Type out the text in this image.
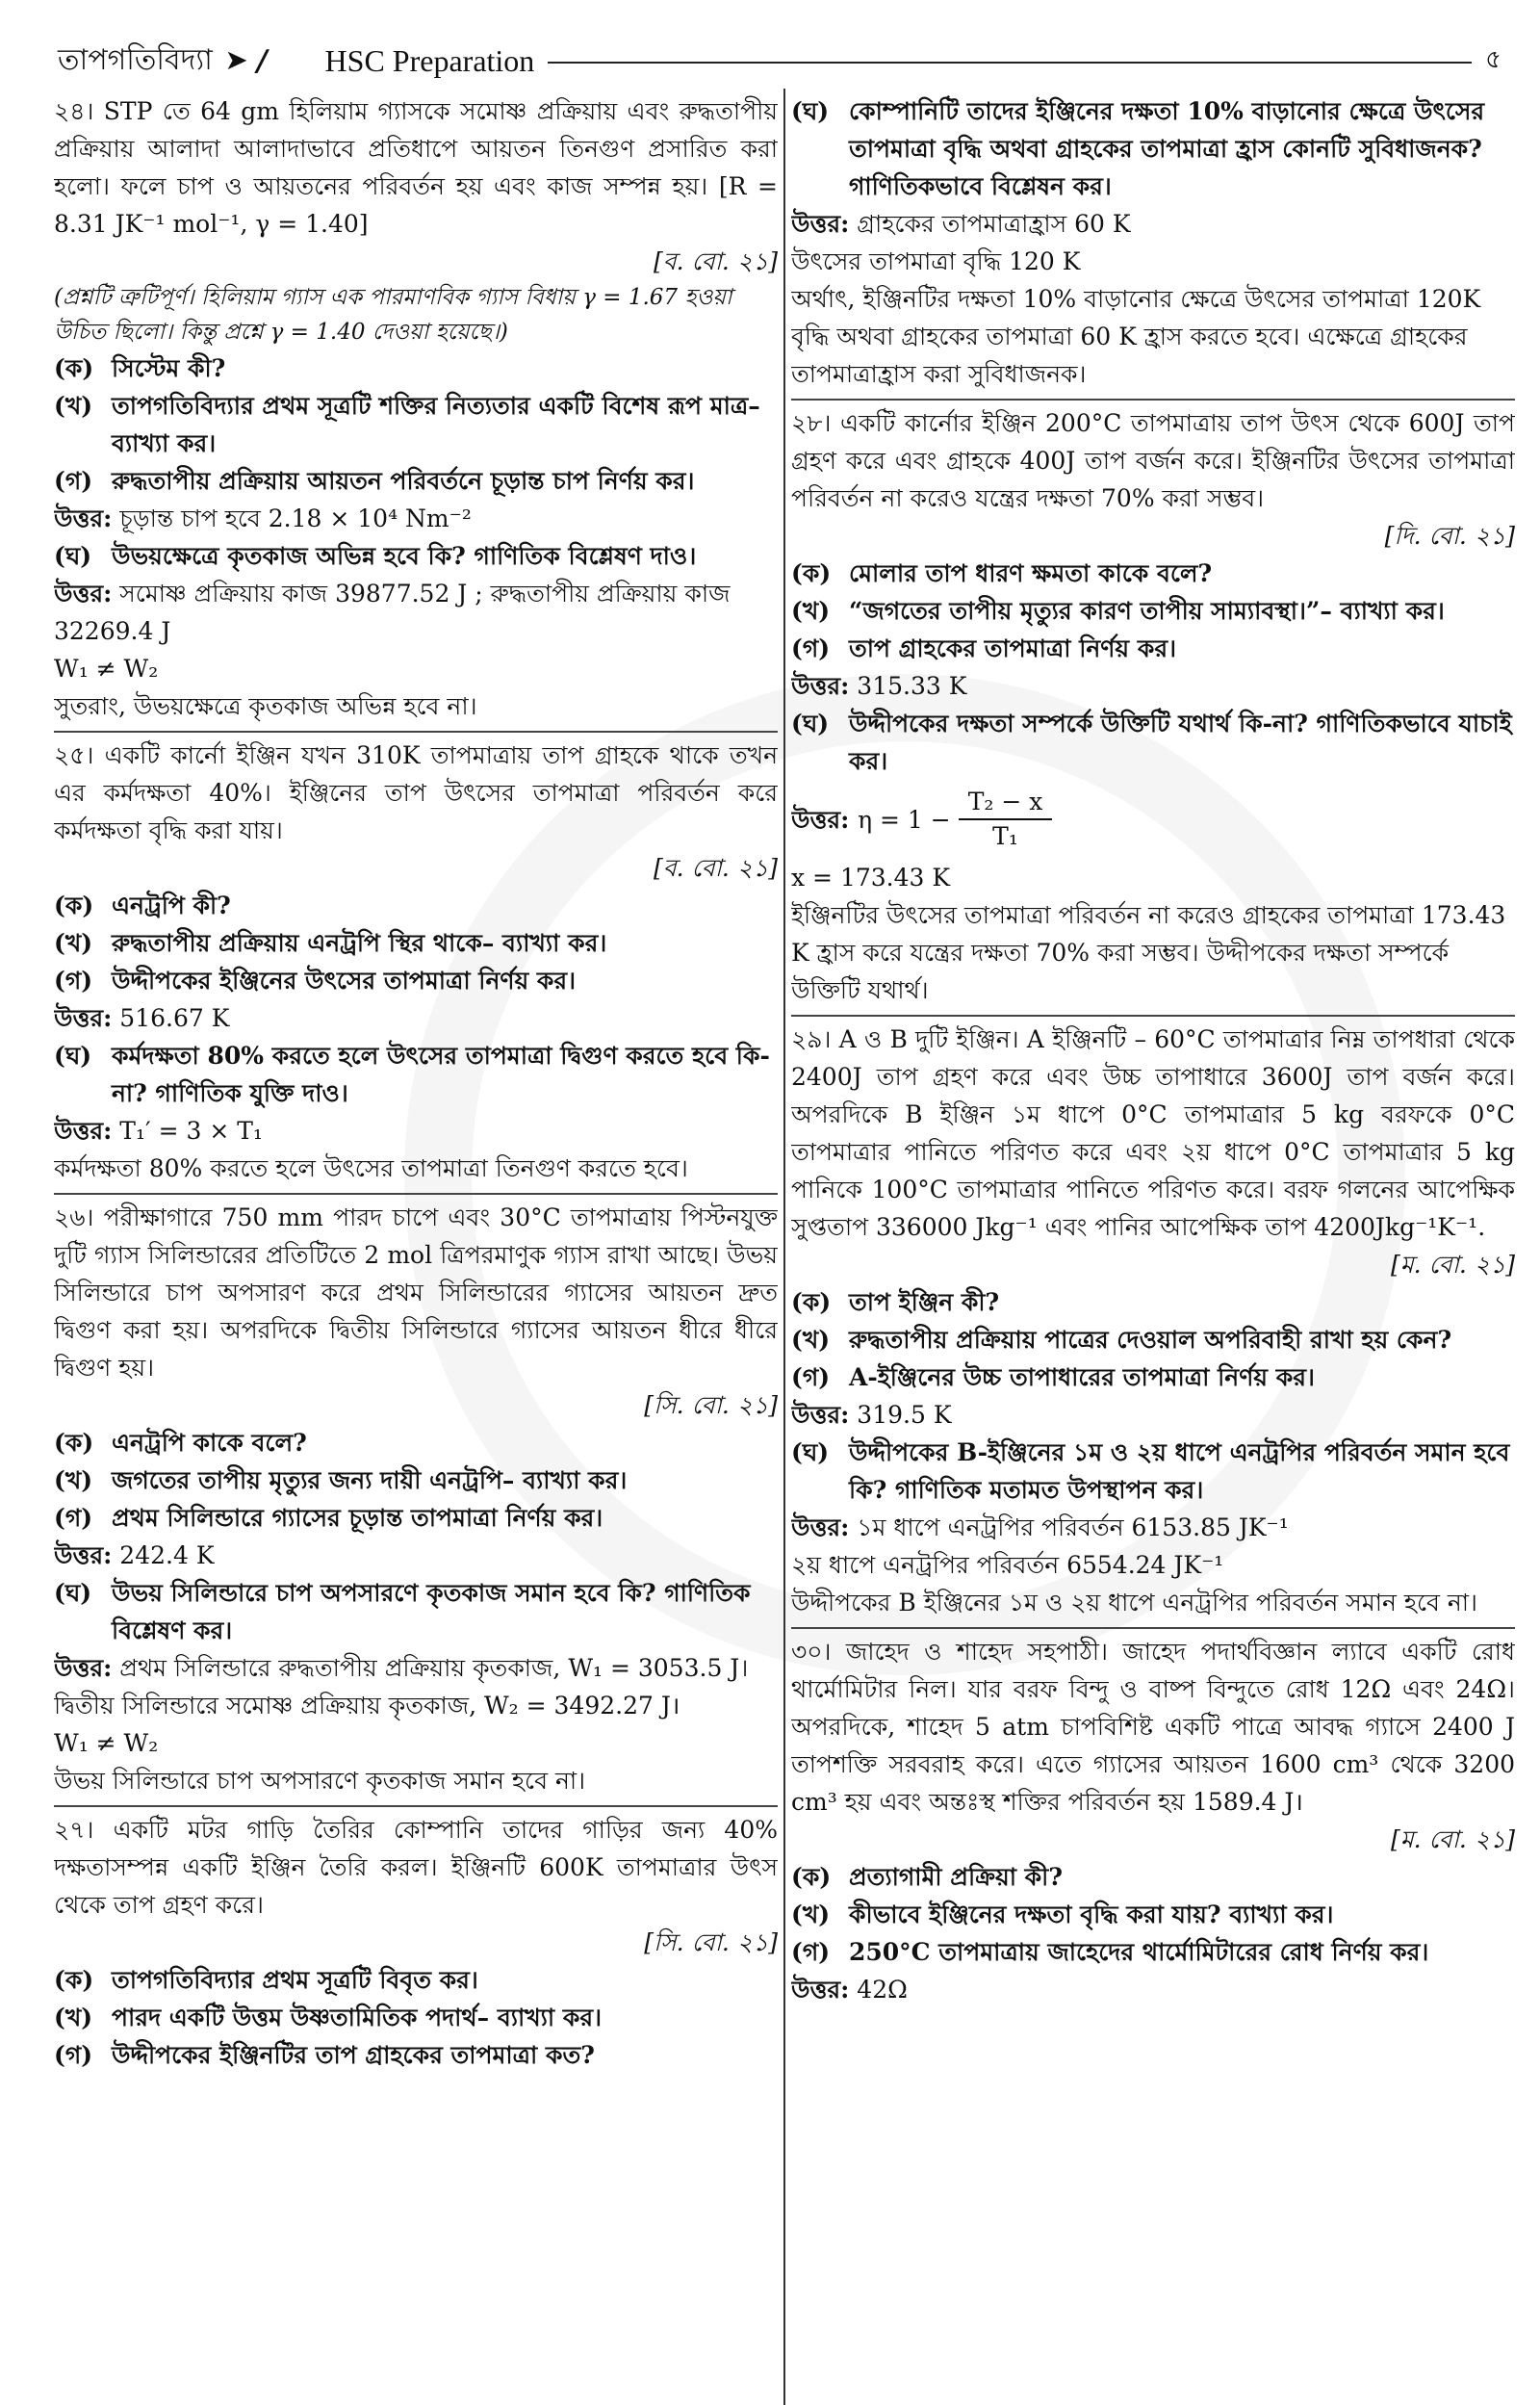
তাপগতিবিদ্যা ➤ / HSC Preparation	৫
২৪। STP তে 64 gm হিলিয়াম গ্যাসকে সমোষ্ণ প্রক্রিয়ায় এবং রুদ্ধতাপীয় প্রক্রিয়ায় আলাদা আলাদাভাবে প্রতিধাপে আয়তন তিনগুণ প্রসারিত করা হলো। ফলে চাপ ও আয়তনের পরিবর্তন হয় এবং কাজ সম্পন্ন হয়। [R = 8.31 JK⁻¹ mol⁻¹, γ = 1.40]
[ব. বো. ২১]
(প্রশ্নটি ত্রুটিপূর্ণ। হিলিয়াম গ্যাস এক পারমাণবিক গ্যাস বিধায় γ = 1.67 হওয়া উচিত ছিলো। কিন্তু প্রশ্নে γ = 1.40 দেওয়া হয়েছে।)
(ক) সিস্টেম কী?
(খ) তাপগতিবিদ্যার প্রথম সূত্রটি শক্তির নিত্যতার একটি বিশেষ রূপ মাত্র– ব্যাখ্যা কর।
(গ) রুদ্ধতাপীয় প্রক্রিয়ায় আয়তন পরিবর্তনে চূড়ান্ত চাপ নির্ণয় কর।
উত্তর: চূড়ান্ত চাপ হবে 2.18 × 10⁴ Nm⁻²
(ঘ) উভয়ক্ষেত্রে কৃতকাজ অভিন্ন হবে কি? গাণিতিক বিশ্লেষণ দাও।
উত্তর: সমোষ্ণ প্রক্রিয়ায় কাজ 39877.52 J ; রুদ্ধতাপীয় প্রক্রিয়ায় কাজ 32269.4 J
W₁ ≠ W₂
সুতরাং, উভয়ক্ষেত্রে কৃতকাজ অভিন্ন হবে না।
২৫। একটি কার্নো ইঞ্জিন যখন 310K তাপমাত্রায় তাপ গ্রাহকে থাকে তখন এর কর্মদক্ষতা 40%। ইঞ্জিনের তাপ উৎসের তাপমাত্রা পরিবর্তন করে কর্মদক্ষতা বৃদ্ধি করা যায়।
[ব. বো. ২১]
(ক) এনট্রপি কী?
(খ) রুদ্ধতাপীয় প্রক্রিয়ায় এনট্রপি স্থির থাকে– ব্যাখ্যা কর।
(গ) উদ্দীপকের ইঞ্জিনের উৎসের তাপমাত্রা নির্ণয় কর।
উত্তর: 516.67 K
(ঘ) কর্মদক্ষতা 80% করতে হলে উৎসের তাপমাত্রা দ্বিগুণ করতে হবে কি-না? গাণিতিক যুক্তি দাও।
উত্তর: T₁′ = 3 × T₁
কর্মদক্ষতা 80% করতে হলে উৎসের তাপমাত্রা তিনগুণ করতে হবে।
২৬। পরীক্ষাগারে 750 mm পারদ চাপে এবং 30°C তাপমাত্রায় পিস্টনযুক্ত দুটি গ্যাস সিলিন্ডারের প্রতিটিতে 2 mol ত্রিপরমাণুক গ্যাস রাখা আছে। উভয় সিলিন্ডারে চাপ অপসারণ করে প্রথম সিলিন্ডারের গ্যাসের আয়তন দ্রুত দ্বিগুণ করা হয়। অপরদিকে দ্বিতীয় সিলিন্ডারে গ্যাসের আয়তন ধীরে ধীরে দ্বিগুণ হয়।
[সি. বো. ২১]
(ক) এনট্রপি কাকে বলে?
(খ) জগতের তাপীয় মৃত্যুর জন্য দায়ী এনট্রপি– ব্যাখ্যা কর।
(গ) প্রথম সিলিন্ডারে গ্যাসের চূড়ান্ত তাপমাত্রা নির্ণয় কর।
উত্তর: 242.4 K
(ঘ) উভয় সিলিন্ডারে চাপ অপসারণে কৃতকাজ সমান হবে কি? গাণিতিক বিশ্লেষণ কর।
উত্তর: প্রথম সিলিন্ডারে রুদ্ধতাপীয় প্রক্রিয়ায় কৃতকাজ, W₁ = 3053.5 J। দ্বিতীয় সিলিন্ডারে সমোষ্ণ প্রক্রিয়ায় কৃতকাজ, W₂ = 3492.27 J।
W₁ ≠ W₂
উভয় সিলিন্ডারে চাপ অপসারণে কৃতকাজ সমান হবে না।
২৭। একটি মটর গাড়ি তৈরির কোম্পানি তাদের গাড়ির জন্য 40% দক্ষতাসম্পন্ন একটি ইঞ্জিন তৈরি করল। ইঞ্জিনটি 600K তাপমাত্রার উৎস থেকে তাপ গ্রহণ করে।
[সি. বো. ২১]
(ক) তাপগতিবিদ্যার প্রথম সূত্রটি বিবৃত কর।
(খ) পারদ একটি উত্তম উষ্ণতামিতিক পদার্থ– ব্যাখ্যা কর।
(গ) উদ্দীপকের ইঞ্জিনটির তাপ গ্রাহকের তাপমাত্রা কত?
(ঘ) কোম্পানিটি তাদের ইঞ্জিনের দক্ষতা 10% বাড়ানোর ক্ষেত্রে উৎসের তাপমাত্রা বৃদ্ধি অথবা গ্রাহকের তাপমাত্রা হ্রাস কোনটি সুবিধাজনক? গাণিতিকভাবে বিশ্লেষন কর।
উত্তর: গ্রাহকের তাপমাত্রাহ্রাস 60 K
উৎসের তাপমাত্রা বৃদ্ধি 120 K
অর্থাৎ, ইঞ্জিনটির দক্ষতা 10% বাড়ানোর ক্ষেত্রে উৎসের তাপমাত্রা 120K বৃদ্ধি অথবা গ্রাহকের তাপমাত্রা 60 K হ্রাস করতে হবে। এক্ষেত্রে গ্রাহকের তাপমাত্রাহ্রাস করা সুবিধাজনক।
২৮। একটি কার্নোর ইঞ্জিন 200°C তাপমাত্রায় তাপ উৎস থেকে 600J তাপ গ্রহণ করে এবং গ্রাহকে 400J তাপ বর্জন করে। ইঞ্জিনটির উৎসের তাপমাত্রা পরিবর্তন না করেও যন্ত্রের দক্ষতা 70% করা সম্ভব।
[দি. বো. ২১]
(ক) মোলার তাপ ধারণ ক্ষমতা কাকে বলে?
(খ) “জগতের তাপীয় মৃত্যুর কারণ তাপীয় সাম্যাবস্থা।”– ব্যাখ্যা কর।
(গ) তাপ গ্রাহকের তাপমাত্রা নির্ণয় কর।
উত্তর: 315.33 K
(ঘ) উদ্দীপকের দক্ষতা সম্পর্কে উক্তিটি যথার্থ কি-না? গাণিতিকভাবে যাচাই কর।
উত্তর:
$\eta = 1 - \frac{\text{T₂ − x}}{\text{T₁}}$
x = 173.43 K
ইঞ্জিনটির উৎসের তাপমাত্রা পরিবর্তন না করেও গ্রাহকের তাপমাত্রা 173.43 K হ্রাস করে যন্ত্রের দক্ষতা 70% করা সম্ভব। উদ্দীপকের দক্ষতা সম্পর্কে উক্তিটি যথার্থ।
২৯। A ও B দুটি ইঞ্জিন। A ইঞ্জিনটি – 60°C তাপমাত্রার নিম্ন তাপধারা থেকে 2400J তাপ গ্রহণ করে এবং উচ্চ তাপাধারে 3600J তাপ বর্জন করে। অপরদিকে B ইঞ্জিন ১ম ধাপে 0°C তাপমাত্রার 5 kg বরফকে 0°C তাপমাত্রার পানিতে পরিণত করে এবং ২য় ধাপে 0°C তাপমাত্রার 5 kg পানিকে 100°C তাপমাত্রার পানিতে পরিণত করে। বরফ গলনের আপেক্ষিক সুপ্ততাপ 336000 Jkg⁻¹ এবং পানির আপেক্ষিক তাপ 4200Jkg⁻¹K⁻¹.
[ম. বো. ২১]
(ক) তাপ ইঞ্জিন কী?
(খ) রুদ্ধতাপীয় প্রক্রিয়ায় পাত্রের দেওয়াল অপরিবাহী রাখা হয় কেন?
(গ) A-ইঞ্জিনের উচ্চ তাপাধারের তাপমাত্রা নির্ণয় কর।
উত্তর: 319.5 K
(ঘ) উদ্দীপকের B-ইঞ্জিনের ১ম ও ২য় ধাপে এনট্রপির পরিবর্তন সমান হবে কি? গাণিতিক মতামত উপস্থাপন কর।
উত্তর: ১ম ধাপে এনট্রপির পরিবর্তন 6153.85 JK⁻¹
২য় ধাপে এনট্রপির পরিবর্তন 6554.24 JK⁻¹
উদ্দীপকের B ইঞ্জিনের ১ম ও ২য় ধাপে এনট্রপির পরিবর্তন সমান হবে না।
৩০। জাহেদ ও শাহেদ সহপাঠী। জাহেদ পদার্থবিজ্ঞান ল্যাবে একটি রোধ থার্মোমিটার নিল। যার বরফ বিন্দু ও বাষ্প বিন্দুতে রোধ 12Ω এবং 24Ω। অপরদিকে, শাহেদ 5 atm চাপবিশিষ্ট একটি পাত্রে আবদ্ধ গ্যাসে 2400 J তাপশক্তি সরবরাহ করে। এতে গ্যাসের আয়তন 1600 cm³ থেকে 3200 cm³ হয় এবং অন্তঃস্থ শক্তির পরিবর্তন হয় 1589.4 J।
[ম. বো. ২১]
(ক) প্রত্যাগামী প্রক্রিয়া কী?
(খ) কীভাবে ইঞ্জিনের দক্ষতা বৃদ্ধি করা যায়? ব্যাখ্যা কর।
(গ) 250°C তাপমাত্রায় জাহেদের থার্মোমিটারের রোধ নির্ণয় কর।
উত্তর: 42Ω
